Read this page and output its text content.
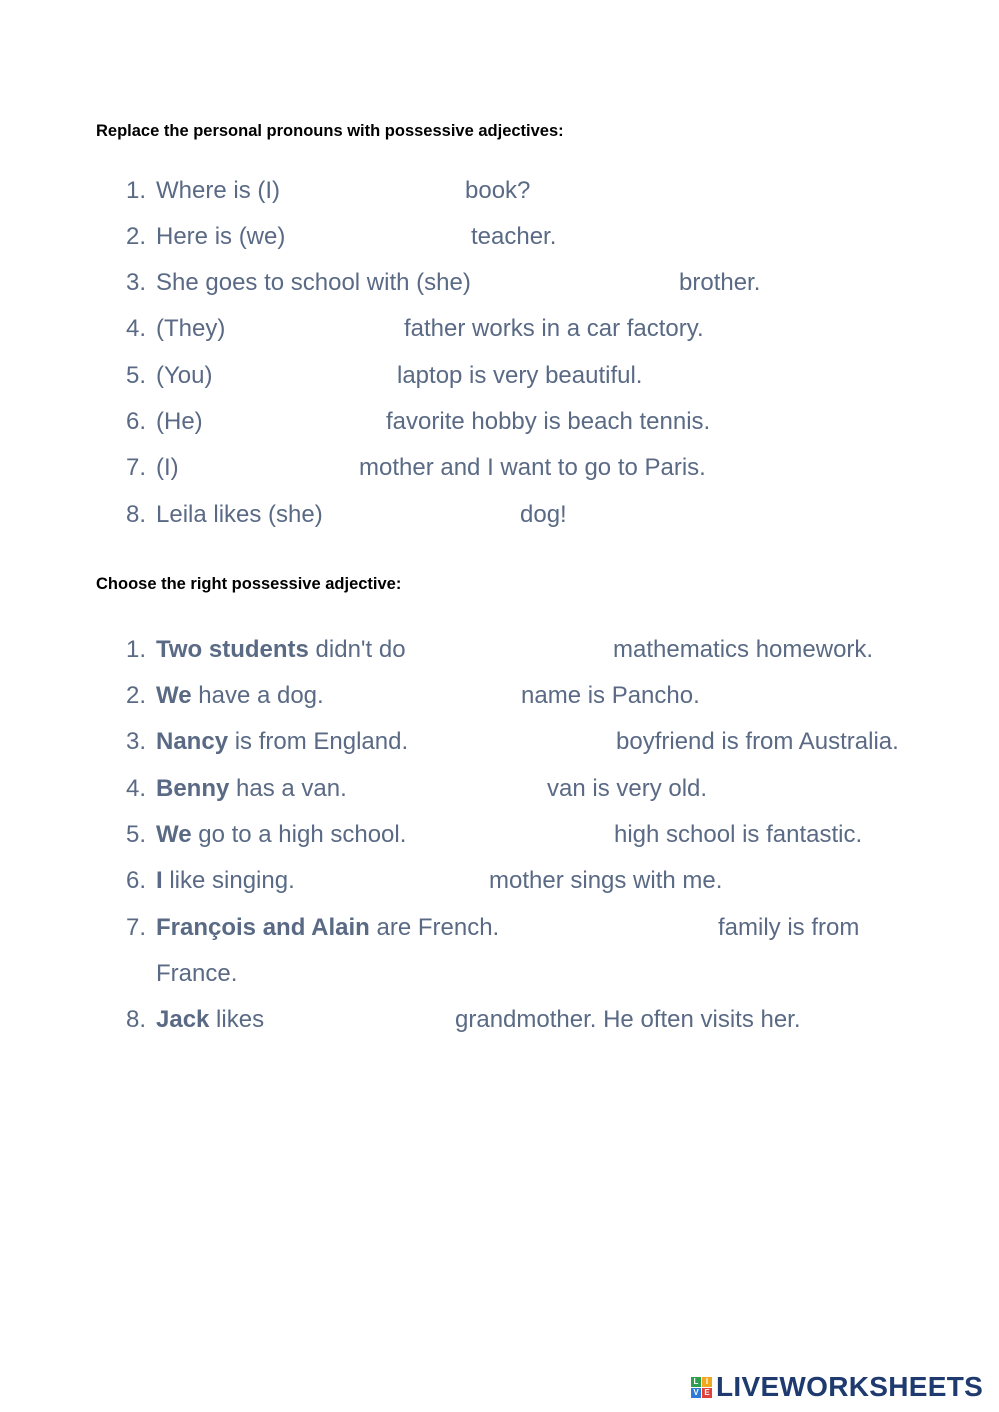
Replace the personal pronouns with possessive adjectives:
1. Where is (I)	book?
2. Here is (we)	teacher.
3. She goes to school with (she)	brother.
4. (They)	father works in a car factory.
5. (You)	laptop is very beautiful.
6. (He)	favorite hobby is beach tennis.
7. (I)	mother and I want to go to Paris.
8. Leila likes (she)	dog!
Choose the right possessive adjective:
1. Two students didn't do	mathematics homework.
2. We have a dog.	name is Pancho.
3. Nancy is from England.	boyfriend is from Australia.
4. Benny has a van.	van is very old.
5. We go to a high school.	high school is fantastic.
6. I like singing.	mother sings with me.
7. François and Alain are French.	family is from
France.
8. Jack likes	grandmother. He often visits her.
L I
V E LIVEWORKSHEETS
